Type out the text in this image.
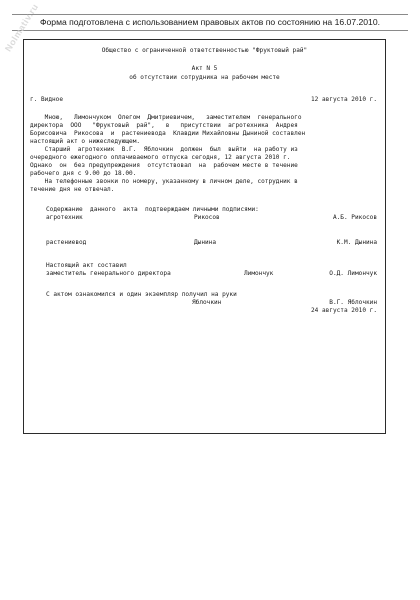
Форма подготовлена с использованием правовых актов по состоянию на 16.07.2010.
Nolmativ.ru	Общество с ограниченной ответственностью "Фруктовый рай"
Акт N 5
об отсутствии сотрудника на рабочем месте
г. Видное	12 августа 2010 г.
Мною,   Лимончуком  Олегом  Дмитриевичем,   заместителем  генерального
директора  ООО   "Фруктовый  рай",   в   присутствии  агротехника  Андрея
Борисовича  Рикосова  и  растениевода  Клавдии Михайловны Дыниной составлен
настоящий акт о нижеследующем.
Старший  агротехник  В.Г.  Яблочкин  должен  был  выйти  на работу из
очередного ежегодного оплачиваемого отпуска сегодня, 12 августа 2010 г.
Однако  он  без предупреждения  отсутствовал  на  рабочем месте в течение
рабочего дня с 9.00 до 18.00.
На телефонные звонки по номеру, указанному в личном деле, сотрудник в
течение дня не отвечал.
Содержание  данного  акта  подтверждаем личными подписями:
агротехник	Рикосов	А.Б. Рикосов
растениевод	Дынина	К.М. Дынина
Настоящий акт составил
заместитель генерального директора	Лимончук	О.Д. Лимончук
С актом ознакомился и один экземпляр получил на руки
Яблочкин	В.Г. Яблочкин
24 августа 2010 г.
